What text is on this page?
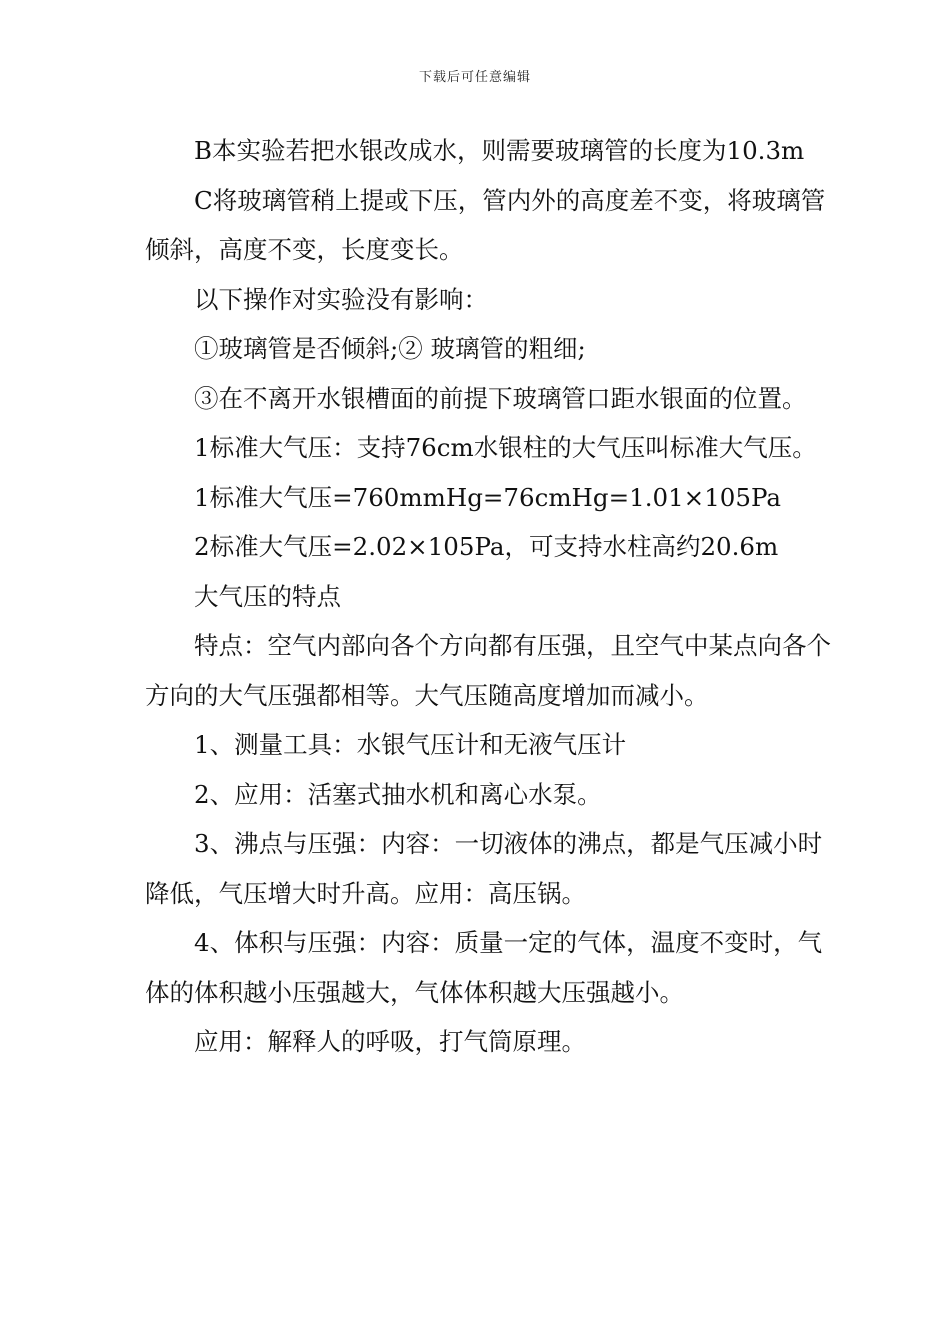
下载后可任意编辑

B本实验若把水银改成水，则需要玻璃管的长度为10.3m

C将玻璃管稍上提或下压，管内外的高度差不变，将玻璃管倾斜，高度不变，长度变长。

以下操作对实验没有影响：

①玻璃管是否倾斜;② 玻璃管的粗细;

③在不离开水银槽面的前提下玻璃管口距水银面的位置。

1标准大气压：支持76cm水银柱的大气压叫标准大气压。

1标准大气压=760mmHg=76cmHg=1.01×105Pa

2标准大气压=2.02×105Pa，可支持水柱高约20.6m

大气压的特点

特点：空气内部向各个方向都有压强，且空气中某点向各个方向的大气压强都相等。大气压随高度增加而减小。

1、测量工具：水银气压计和无液气压计

2、应用：活塞式抽水机和离心水泵。

3、沸点与压强：内容：一切液体的沸点，都是气压减小时降低，气压增大时升高。应用：高压锅。

4、体积与压强：内容：质量一定的气体，温度不变时，气体的体积越小压强越大，气体体积越大压强越小。

应用：解释人的呼吸，打气筒原理。
